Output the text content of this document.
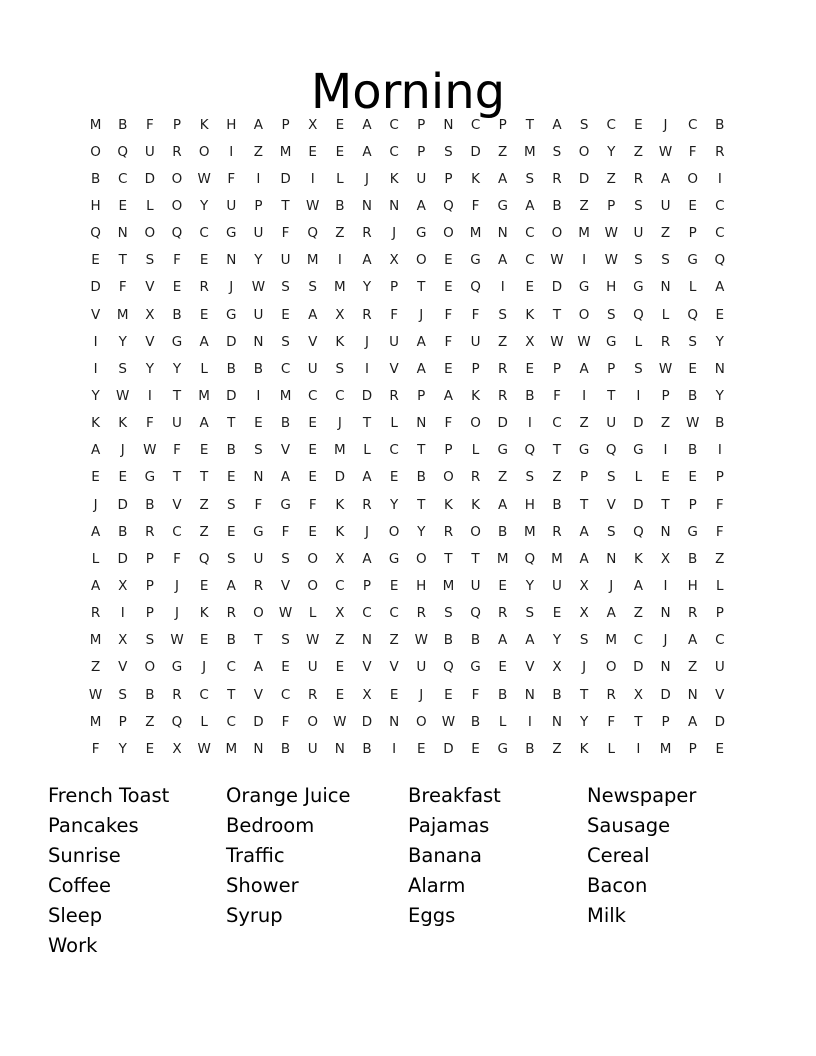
Morning
M	B	F	P	K	H	A	P	X	E	A	C	P	N	C	P	T	A	S	C	E	J	C	B
O	Q	U	R	O	I	Z	M	E	E	A	C	P	S	D	Z	M	S	O	Y	Z	W	F	R
B	C	D	O	W	F	I	D	I	L	J	K	U	P	K	A	S	R	D	Z	R	A	O	I
H	E	L	O	Y	U	P	T	W	B	N	N	A	Q	F	G	A	B	Z	P	S	U	E	C
Q	N	O	Q	C	G	U	F	Q	Z	R	J	G	O	M	N	C	O	M	W	U	Z	P	C
E	T	S	F	E	N	Y	U	M	I	A	X	O	E	G	A	C	W	I	W	S	S	G	Q
D	F	V	E	R	J	W	S	S	M	Y	P	T	E	Q	I	E	D	G	H	G	N	L	A
V	M	X	B	E	G	U	E	A	X	R	F	J	F	F	S	K	T	O	S	Q	L	Q	E
I	Y	V	G	A	D	N	S	V	K	J	U	A	F	U	Z	X	W	W	G	L	R	S	Y
I	S	Y	Y	L	B	B	C	U	S	I	V	A	E	P	R	E	P	A	P	S	W	E	N
Y	W	I	T	M	D	I	M	C	C	D	R	P	A	K	R	B	F	I	T	I	P	B	Y
K	K	F	U	A	T	E	B	E	J	T	L	N	F	O	D	I	C	Z	U	D	Z	W	B
A	J	W	F	E	B	S	V	E	M	L	C	T	P	L	G	Q	T	G	Q	G	I	B	I
E	E	G	T	T	E	N	A	E	D	A	E	B	O	R	Z	S	Z	P	S	L	E	E	P
J	D	B	V	Z	S	F	G	F	K	R	Y	T	K	K	A	H	B	T	V	D	T	P	F
A	B	R	C	Z	E	G	F	E	K	J	O	Y	R	O	B	M	R	A	S	Q	N	G	F
L	D	P	F	Q	S	U	S	O	X	A	G	O	T	T	M	Q	M	A	N	K	X	B	Z
A	X	P	J	E	A	R	V	O	C	P	E	H	M	U	E	Y	U	X	J	A	I	H	L
R	I	P	J	K	R	O	W	L	X	C	C	R	S	Q	R	S	E	X	A	Z	N	R	P
M	X	S	W	E	B	T	S	W	Z	N	Z	W	B	B	A	A	Y	S	M	C	J	A	C
Z	V	O	G	J	C	A	E	U	E	V	V	U	Q	G	E	V	X	J	O	D	N	Z	U
W	S	B	R	C	T	V	C	R	E	X	E	J	E	F	B	N	B	T	R	X	D	N	V
M	P	Z	Q	L	C	D	F	O	W	D	N	O	W	B	L	I	N	Y	F	T	P	A	D
F	Y	E	X	W	M	N	B	U	N	B	I	E	D	E	G	B	Z	K	L	I	M	P	E
French Toast
Pancakes
Sunrise
Coffee
Sleep
Work
Orange Juice
Bedroom
Traffic
Shower
Syrup
Breakfast
Pajamas
Banana
Alarm
Eggs
Newspaper
Sausage
Cereal
Bacon
Milk
